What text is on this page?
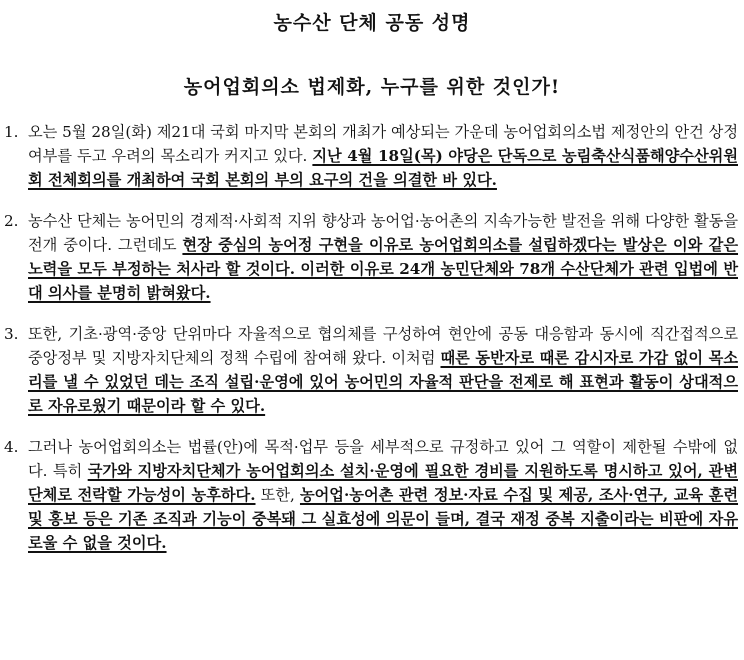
농수산 단체 공동 성명
농어업회의소 법제화, 누구를 위한 것인가!
1. 오는 5월 28일(화) 제21대 국회 마지막 본회의 개최가 예상되는 가운데 농어업회의소법 제정안의 안건 상정 여부를 두고 우려의 목소리가 커지고 있다. 지난 4월 18일(목) 야당은 단독으로 농림축산식품해양수산위원회 전체회의를 개최하여 국회 본회의 부의 요구의 건을 의결한 바 있다.
2. 농수산 단체는 농어민의 경제적·사회적 지위 향상과 농어업·농어촌의 지속가능한 발전을 위해 다양한 활동을 전개 중이다. 그런데도 현장 중심의 농어정 구현을 이유로 농어업회의소를 설립하겠다는 발상은 이와 같은 노력을 모두 부정하는 처사라 할 것이다. 이러한 이유로 24개 농민단체와 78개 수산단체가 관련 입법에 반대 의사를 분명히 밝혀왔다.
3. 또한, 기초·광역·중앙 단위마다 자율적으로 협의체를 구성하여 현안에 공동 대응함과 동시에 직간접적으로 중앙정부 및 지방자치단체의 정책 수립에 참여해 왔다. 이처럼 때론 동반자로 때론 감시자로 가감 없이 목소리를 낼 수 있었던 데는 조직 설립·운영에 있어 농어민의 자율적 판단을 전제로 해 표현과 활동이 상대적으로 자유로웠기 때문이라 할 수 있다.
4. 그러나 농어업회의소는 법률(안)에 목적·업무 등을 세부적으로 규정하고 있어 그 역할이 제한될 수밖에 없다. 특히 국가와 지방자치단체가 농어업회의소 설치·운영에 필요한 경비를 지원하도록 명시하고 있어, 관변단체로 전락할 가능성이 농후하다. 또한, 농어업·농어촌 관련 정보·자료 수집 및 제공, 조사·연구, 교육 훈련 및 홍보 등은 기존 조직과 기능이 중복돼 그 실효성에 의문이 들며, 결국 재정 중복 지출이라는 비판에 자유로울 수 없을 것이다.
